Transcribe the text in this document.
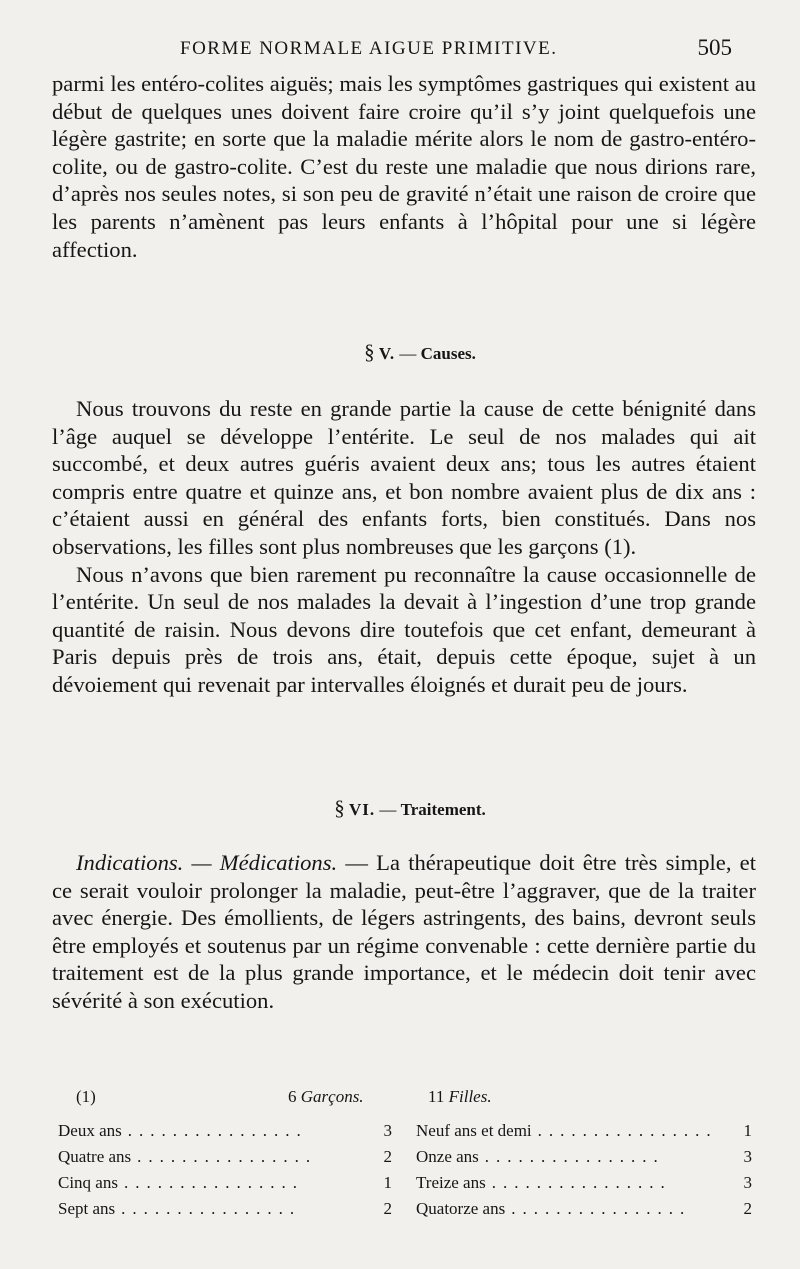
FORME NORMALE AIGUE PRIMITIVE.	505

parmi les entéro-colites aiguës; mais les symptômes gastriques qui existent au début de quelques unes doivent faire croire qu’il s’y joint quelquefois une légère gastrite; en sorte que la maladie mérite alors le nom de gastro-entéro-colite, ou de gastro-colite. C’est du reste une maladie que nous dirions rare, d’après nos seules notes, si son peu de gravité n’était une raison de croire que les parents n’amènent pas leurs enfants à l’hôpital pour une si légère affection.

§ V. — Causes.

Nous trouvons du reste en grande partie la cause de cette bénignité dans l’âge auquel se développe l’entérite. Le seul de nos malades qui ait succombé, et deux autres guéris avaient deux ans; tous les autres étaient compris entre quatre et quinze ans, et bon nombre avaient plus de dix ans : c’étaient aussi en général des enfants forts, bien constitués. Dans nos observations, les filles sont plus nombreuses que les garçons (1).

Nous n’avons que bien rarement pu reconnaître la cause occasionnelle de l’entérite. Un seul de nos malades la devait à l’ingestion d’une trop grande quantité de raisin. Nous devons dire toutefois que cet enfant, demeurant à Paris depuis près de trois ans, était, depuis cette époque, sujet à un dévoiement qui revenait par intervalles éloignés et durait peu de jours.

§ VI. — Traitement.

Indications. — Médications. — La thérapeutique doit être très simple, et ce serait vouloir prolonger la maladie, peut-être l’aggraver, que de la traiter avec énergie. Des émollients, de légers astringents, des bains, devront seuls être employés et soutenus par un régime convenable : cette dernière partie du traitement est de la plus grande importance, et le médecin doit tenir avec sévérité à son exécution.

(1)	6 Garçons.	11 Filles.
Deux ans ................	3 Neuf ans et demi ................	1
Quatre ans ................	2 Onze ans ................	3
Cinq ans ................	1 Treize ans ................	3
Sept ans ................	2 Quatorze ans ................	2
